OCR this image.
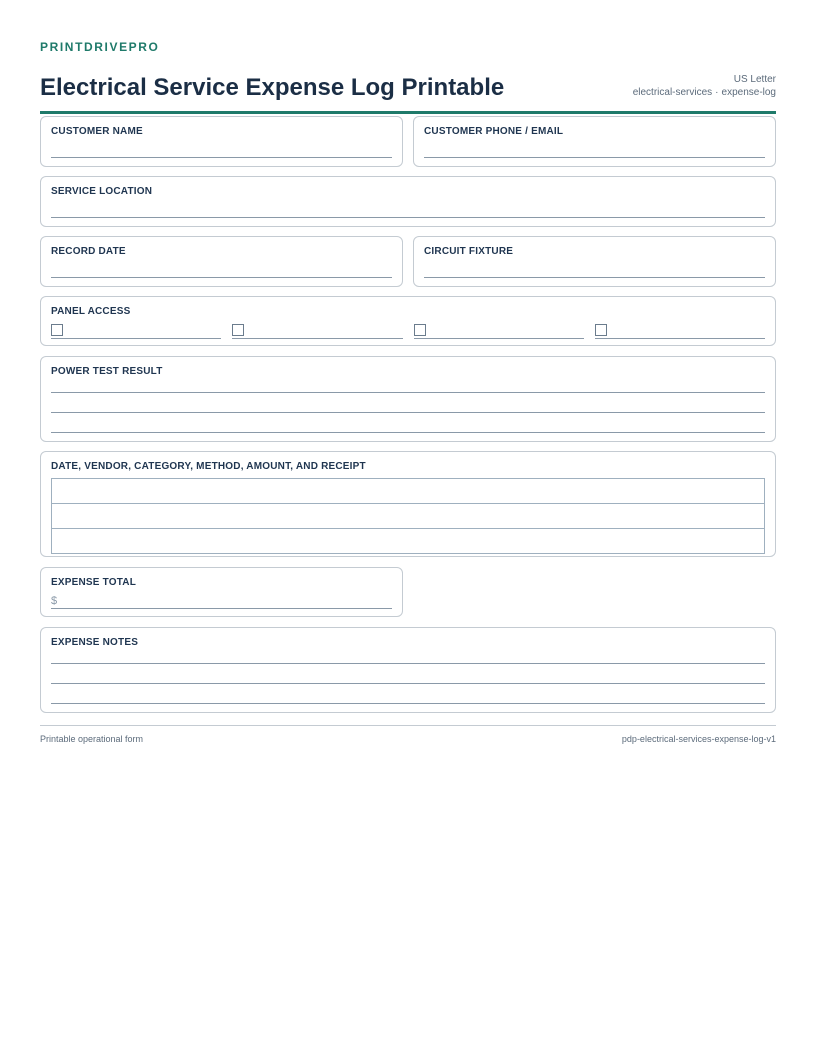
PRINTDRIVEPRO
Electrical Service Expense Log Printable	US Letter
electrical-services · expense-log
CUSTOMER NAME	CUSTOMER PHONE / EMAIL
SERVICE LOCATION
RECORD DATE	CIRCUIT FIXTURE
PANEL ACCESS
POWER TEST RESULT
DATE, VENDOR, CATEGORY, METHOD, AMOUNT, AND RECEIPT

EXPENSE TOTAL
$
EXPENSE NOTES
Printable operational form	pdp-electrical-services-expense-log-v1
